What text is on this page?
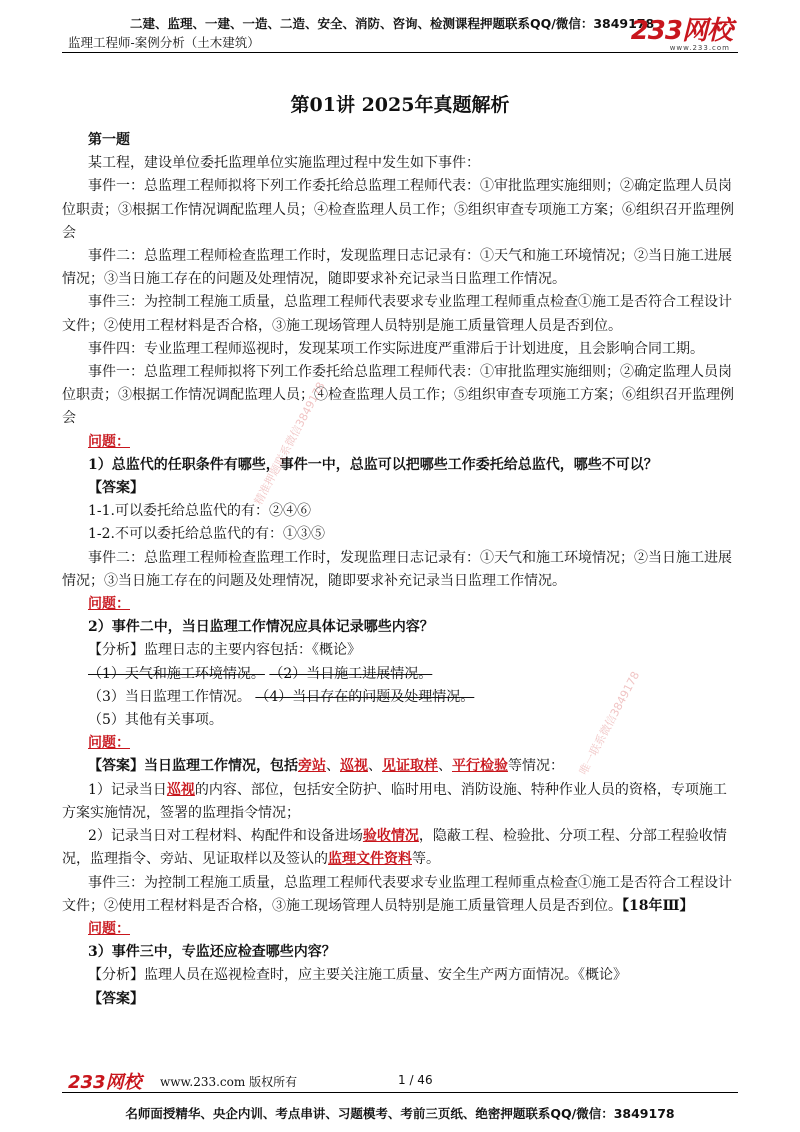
二建、监理、一建、一造、二造、安全、消防、咨询、检测课程押题联系QQ/微信：3849178
监理工程师-案例分析（土木建筑）	233网校
www.233.com
第01讲 2025年真题解析

第一题

某工程，建设单位委托监理单位实施监理过程中发生如下事件：

事件一：总监理工程师拟将下列工作委托给总监理工程师代表：①审批监理实施细则；②确定监理人员岗位职责；③根据工作情况调配监理人员；④检查监理人员工作；⑤组织审查专项施工方案；⑥组织召开监理例会

事件二：总监理工程师检查监理工作时，发现监理日志记录有：①天气和施工环境情况；②当日施工进展情况；③当日施工存在的问题及处理情况，随即要求补充记录当日监理工作情况。

事件三：为控制工程施工质量，总监理工程师代表要求专业监理工程师重点检查①施工是否符合工程设计文件；②使用工程材料是否合格，③施工现场管理人员特别是施工质量管理人员是否到位。

事件四：专业监理工程师巡视时，发现某项工作实际进度严重滞后于计划进度，且会影响合同工期。

事件一：总监理工程师拟将下列工作委托给总监理工程师代表：①审批监理实施细则；②确定监理人员岗位职责；③根据工作情况调配监理人员；④检查监理人员工作；⑤组织审查专项施工方案；⑥组织召开监理例会

问题：

1）总监代的任职条件有哪些，事件一中，总监可以把哪些工作委托给总监代，哪些不可以？

【答案】

1-1.可以委托给总监代的有：②④⑥

1-2.不可以委托给总监代的有：①③⑤

事件二：总监理工程师检查监理工作时，发现监理日志记录有：①天气和施工环境情况；②当日施工进展情况；③当日施工存在的问题及处理情况，随即要求补充记录当日监理工作情况。

问题：

2）事件二中，当日监理工作情况应具体记录哪些内容？

【分析】监理日志的主要内容包括：《概论》

（1）天气和施工环境情况。 （2）当日施工进展情况。

（3）当日监理工作情况。 （4）当日存在的问题及处理情况。

（5）其他有关事项。

问题：

【答案】当日监理工作情况，包括旁站、巡视、见证取样、平行检验等情况：

1）记录当日巡视的内容、部位，包括安全防护、临时用电、消防设施、特种作业人员的资格，专项施工方案实施情况，签署的监理指令情况；

2）记录当日对工程材料、构配件和设备进场验收情况，隐蔽工程、检验批、分项工程、分部工程验收情况，监理指令、旁站、见证取样以及签认的监理文件资料等。

事件三：为控制工程施工质量，总监理工程师代表要求专业监理工程师重点检查①施工是否符合工程设计文件；②使用工程材料是否合格，③施工现场管理人员特别是施工质量管理人员是否到位。【18年Ⅲ】

问题：

3）事件三中，专监还应检查哪些内容？

【分析】监理人员在巡视检查时，应主要关注施工质量、安全生产两方面情况。《概论》

【答案】

精准押题联系微信3849178
唯一联系微信3849178
233网校 www.233.com 版权所有	1 / 46
名师面授精华、央企内训、考点串讲、习题模考、考前三页纸、绝密押题联系QQ/微信：3849178
